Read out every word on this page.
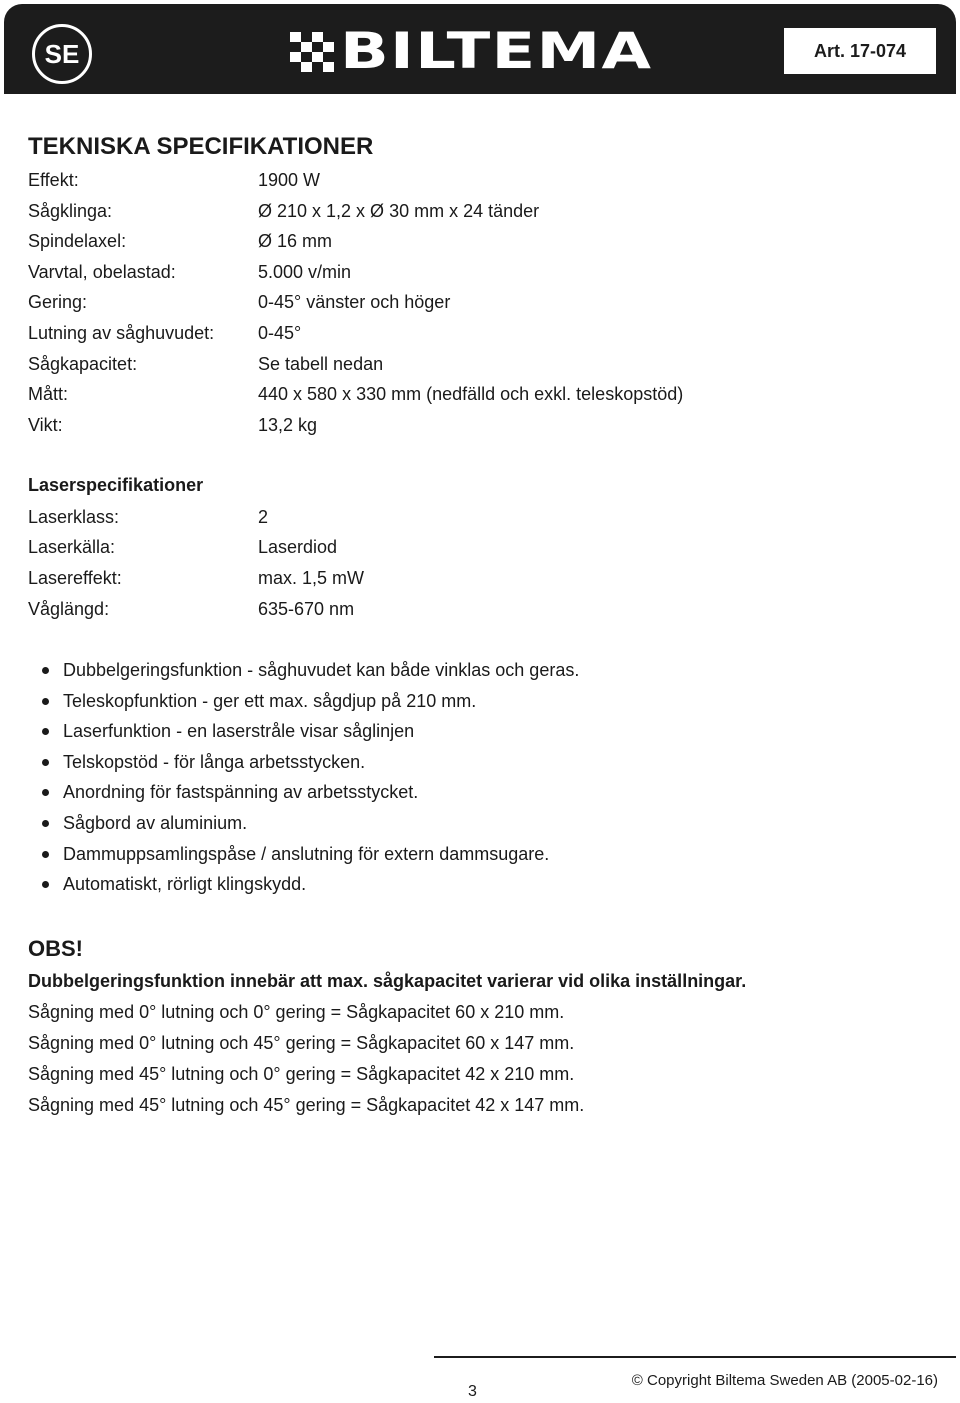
SE	BILTEMA	Art. 17-074
TEKNISKA SPECIFIKATIONER
Effekt:	1900 W
Sågklinga:	Ø 210 x 1,2 x Ø 30 mm x 24 tänder
Spindelaxel:	Ø 16 mm
Varvtal, obelastad:	5.000 v/min
Gering:	0-45° vänster och höger
Lutning av såghuvudet: 0-45°
Sågkapacitet:	Se tabell nedan
Mått:	440 x 580 x 330 mm (nedfälld och exkl. teleskopstöd)
Vikt:	13,2 kg
Laserspecifikationer
Laserklass:	2
Laserkälla:	Laserdiod
Lasereffekt:	max. 1,5 mW
Våglängd:	635-670 nm
Dubbelgeringsfunktion - såghuvudet kan både vinklas och geras.
Teleskopfunktion - ger ett max. sågdjup på 210 mm.
Laserfunktion - en laserstråle visar såglinjen
Telskopstöd - för långa arbetsstycken.
Anordning för fastspänning av arbetsstycket.
Sågbord av aluminium.
Dammuppsamlingspåse / anslutning för extern dammsugare.
Automatiskt, rörligt klingskydd.
OBS!
Dubbelgeringsfunktion innebär att max. sågkapacitet varierar vid olika inställningar.
Sågning med 0° lutning och 0° gering = Sågkapacitet 60 x 210 mm.
Sågning med 0° lutning och 45° gering = Sågkapacitet 60 x 147 mm.
Sågning med 45° lutning och 0° gering = Sågkapacitet 42 x 210 mm.
Sågning med 45° lutning och 45° gering = Sågkapacitet 42 x 147 mm.
3
© Copyright Biltema Sweden AB (2005-02-16)
